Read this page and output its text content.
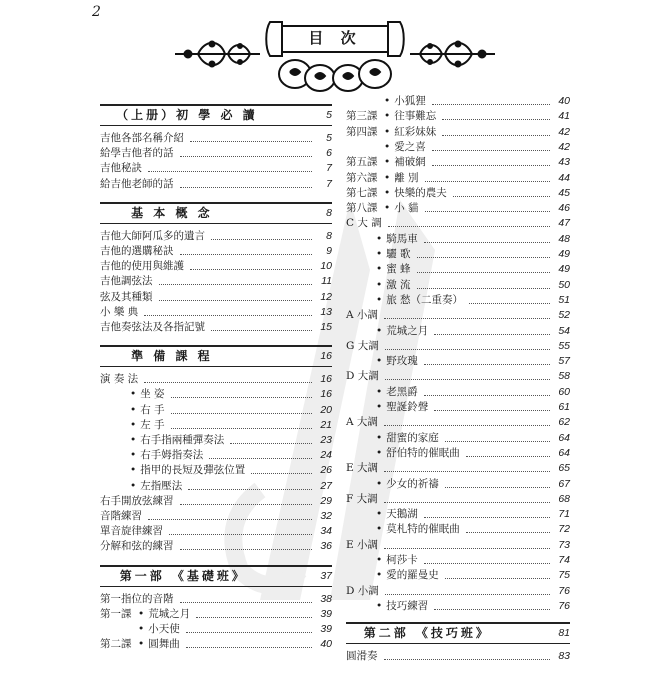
2
目 次
（上册）初 學 必 讀	5
吉他各部名稱介紹	5
給學吉他者的話	6
吉他秘訣	7
給吉他老師的話	7
基 本 概 念	8
吉他大師阿瓜多的遺言	8
吉他的選購秘訣	9
吉他的使用與維護	10
吉他調弦法	11
弦及其種類	12
小 樂 典	13
吉他奏弦法及各指記號	15
準 備 課 程	16
演 奏 法	16
• 坐 姿	16
• 右 手	20
• 左 手	21
• 右手指兩種彈奏法	23
• 右手姆指奏法	24
• 指甲的長短及彈弦位置	26
• 左指壓法	27
右手開放弦練習	29
音階練習	32
單音旋律練習	34
分解和弦的練習	36
第一部 《基礎班》	37
第一指位的音階	38
第一課	• 荒城之月	39
• 小天使	39
第二課	• 圓舞曲	40
• 小狐狸	40
第三課	• 往事難忘	41
第四課	• 紅彩妹妹	42
• 愛之喜	42
第五課	• 補破網	43
第六課	• 離 別	44
第七課	• 快樂的農夫	45
第八課	• 小 貓	46
C 大 調	47
• 騎馬車	48
• 驪 歌	49
• 蜜 蜂	49
• 激 流	50
• 旅 愁（二重奏）	51
A 小調	52
• 荒城之月	54
G 大調	55
• 野玫瑰	57
D 大調	58
• 老黑爵	60
• 聖誕鈴聲	61
A 大調	62
• 甜蜜的家庭	64
• 舒伯特的催眠曲	64
E 大調	65
• 少女的祈禱	67
F 大調	68
• 天鵝湖	71
• 莫札特的催眠曲	72
E 小調	73
• 柯莎卡	74
• 愛的羅曼史	75
D 小調	76
• 技巧練習	76
第二部 《技巧班》	81
圓滑奏	83
